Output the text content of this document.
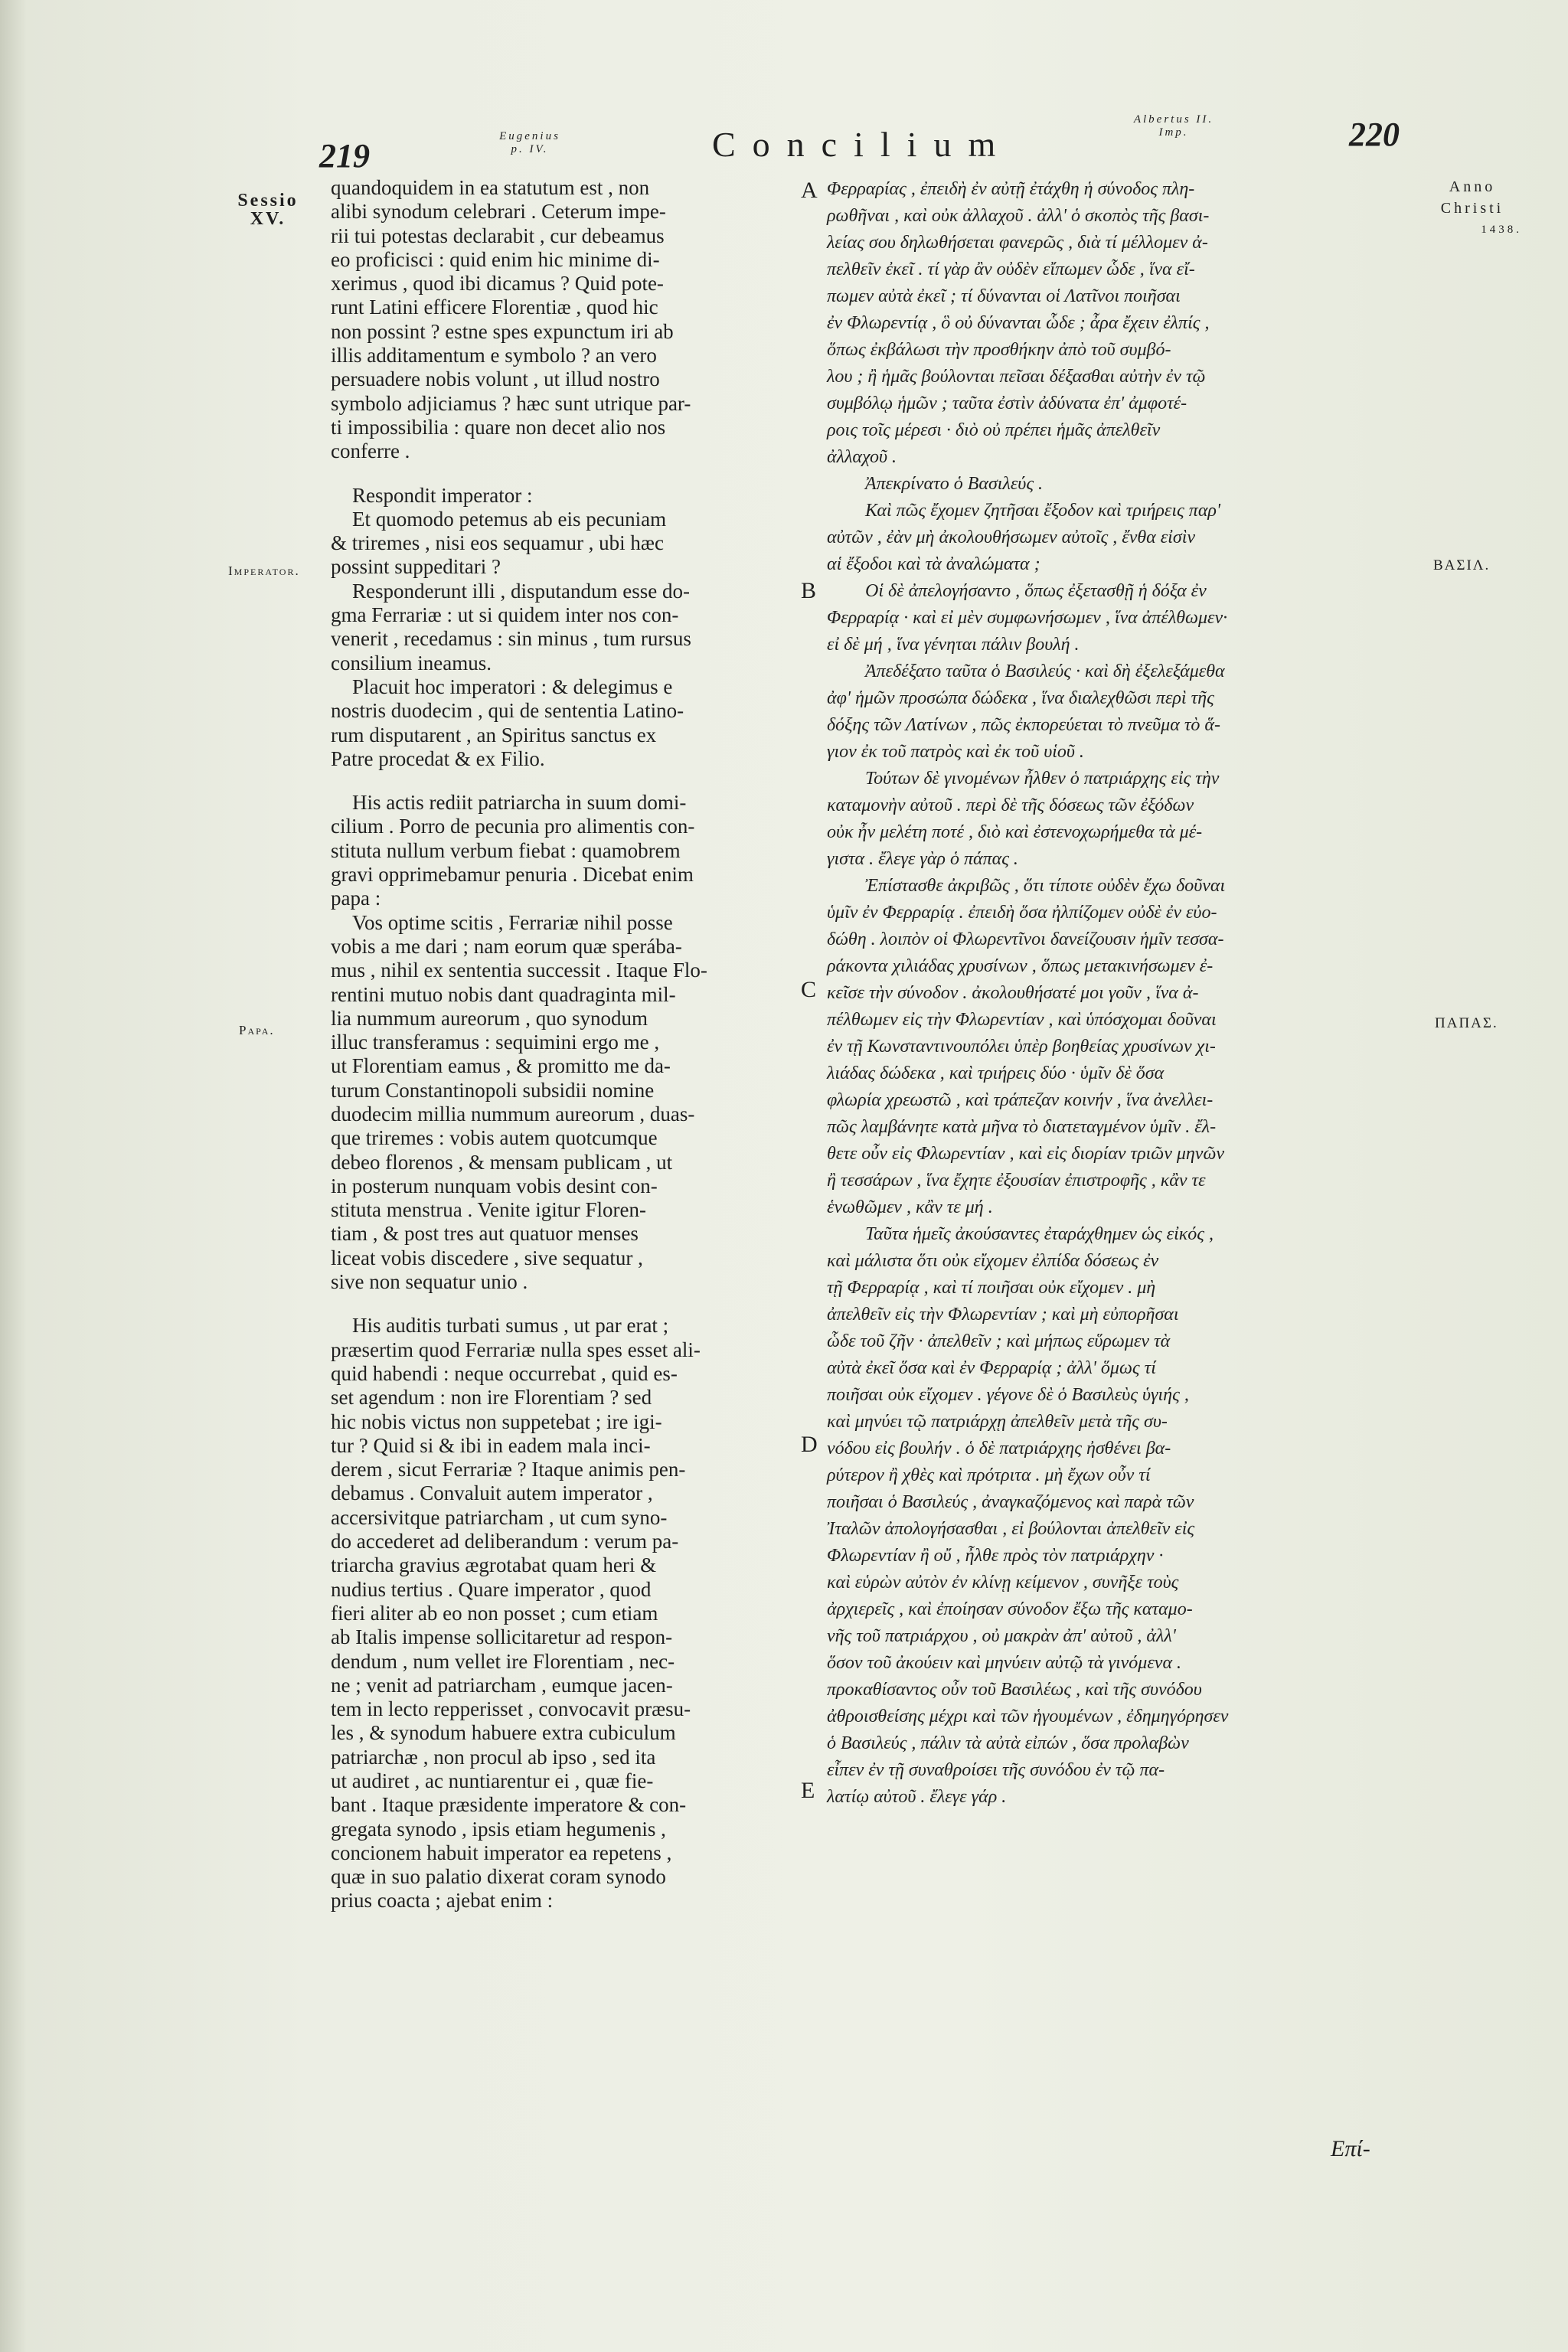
219
Eugenius
p. IV.	Concilium
Albertus II.
Imp.	220
Anno
Christi
1438.
Sessio
XV.
Imperator.
Papa.
ΒΑΣΙΛ.
ΠΑΠΑΣ.
A
B
C
D
E

quandoquidem in ea statutum est , non

alibi synodum celebrari . Ceterum impe-

rii tui potestas declarabit , cur debeamus

eo proficisci : quid enim hic minime di-

xerimus , quod ibi dicamus ? Quid pote-

runt Latini efficere Florentiæ , quod hic

non possint ? estne spes expunctum iri ab

illis additamentum e symbolo ? an vero

persuadere nobis volunt , ut illud nostro

symbolo adjiciamus ? hæc sunt utrique par-

ti impossibilia : quare non decet alio nos

conferre .

Respondit imperator :

Et quomodo petemus ab eis pecuniam

& triremes , nisi eos sequamur , ubi hæc

possint suppeditari ?

Responderunt illi , disputandum esse do-

gma Ferrariæ : ut si quidem inter nos con-

venerit , recedamus : sin minus , tum rursus

consilium ineamus.

Placuit hoc imperatori : & delegimus e

nostris duodecim , qui de sententia Latino-

rum disputarent , an Spiritus sanctus ex

Patre procedat & ex Filio.

His actis rediit patriarcha in suum domi-

cilium . Porro de pecunia pro alimentis con-

stituta nullum verbum fiebat : quamobrem

gravi opprimebamur penuria . Dicebat enim

papa :

Vos optime scitis , Ferrariæ nihil posse

vobis a me dari ; nam eorum quæ sperába-

mus , nihil ex sententia successit . Itaque Flo-

rentini mutuo nobis dant quadraginta mil-

lia nummum aureorum , quo synodum

illuc transferamus : sequimini ergo me ,

ut Florentiam eamus , & promitto me da-

turum Constantinopoli subsidii nomine

duodecim millia nummum aureorum , duas-

que triremes : vobis autem quotcumque

debeo florenos , & mensam publicam , ut

in posterum nunquam vobis desint con-

stituta menstrua . Venite igitur Floren-

tiam , & post tres aut quatuor menses

liceat vobis discedere , sive sequatur ,

sive non sequatur unio .

His auditis turbati sumus , ut par erat ;

præsertim quod Ferrariæ nulla spes esset ali-

quid habendi : neque occurrebat , quid es-

set agendum : non ire Florentiam ? sed

hic nobis victus non suppetebat ; ire igi-

tur ? Quid si & ibi in eadem mala inci-

derem , sicut Ferrariæ ? Itaque animis pen-

debamus . Convaluit autem imperator ,

accersivitque patriarcham , ut cum syno-

do accederet ad deliberandum : verum pa-

triarcha gravius ægrotabat quam heri &

nudius tertius . Quare imperator , quod

fieri aliter ab eo non posset ; cum etiam

ab Italis impense sollicitaretur ad respon-

dendum , num vellet ire Florentiam , nec-

ne ; venit ad patriarcham , eumque jacen-

tem in lecto repperisset , convocavit præsu-

les , & synodum habuere extra cubiculum

patriarchæ , non procul ab ipso , sed ita

ut audiret , ac nuntiarentur ei , quæ fie-

bant . Itaque præsidente imperatore & con-

gregata synodo , ipsis etiam hegumenis ,

concionem habuit imperator ea repetens ,

quæ in suo palatio dixerat coram synodo

prius coacta ; ajebat enim :

Φερραρίας , ἐπειδὴ ἐν αὐτῇ ἐτάχθη ἡ σύνοδος πλη-

ρωθῆναι , καὶ οὐκ ἀλλαχοῦ . ἀλλ' ὁ σκοπὸς τῆς βασι-

λείας σου δηλωθήσεται φανερῶς , διὰ τί μέλλομεν ἀ-

πελθεῖν ἐκεῖ . τί γὰρ ἂν οὐδὲν εἴπωμεν ὧδε , ἵνα εἴ-

πωμεν αὐτὰ ἐκεῖ ; τί δύνανται οἱ Λατῖνοι ποιῆσαι

ἐν Φλωρεντίᾳ , ὃ οὐ δύνανται ὧδε ; ἆρα ἔχειν ἐλπίς ,

ὅπως ἐκβάλωσι τὴν προσθήκην ἀπὸ τοῦ συμβό-

λου ; ἢ ἡμᾶς βούλονται πεῖσαι δέξασθαι αὐτὴν ἐν τῷ

συμβόλῳ ἡμῶν ; ταῦτα ἐστὶν ἀδύνατα ἐπ' ἀμφοτέ-

ροις τοῖς μέρεσι · διὸ οὐ πρέπει ἡμᾶς ἀπελθεῖν

ἀλλαχοῦ .

Ἀπεκρίνατο ὁ Βασιλεύς .

Καὶ πῶς ἔχομεν ζητῆσαι ἔξοδον καὶ τριήρεις παρ'

αὐτῶν , ἐὰν μὴ ἀκολουθήσωμεν αὐτοῖς , ἔνθα εἰσὶν

αἱ ἔξοδοι καὶ τὰ ἀναλώματα ;

Οἱ δὲ ἀπελογήσαντο , ὅπως ἐξετασθῇ ἡ δόξα ἐν

Φερραρίᾳ · καὶ εἰ μὲν συμφωνήσωμεν , ἵνα ἀπέλθωμεν·

εἰ δὲ μή , ἵνα γένηται πάλιν βουλή .

Ἀπεδέξατο ταῦτα ὁ Βασιλεύς · καὶ δὴ ἐξελεξάμεθα

ἀφ' ἡμῶν προσώπα δώδεκα , ἵνα διαλεχθῶσι περὶ τῆς

δόξης τῶν Λατίνων , πῶς ἐκπορεύεται τὸ πνεῦμα τὸ ἅ-

γιον ἐκ τοῦ πατρὸς καὶ ἐκ τοῦ υἱοῦ .

Τούτων δὲ γινομένων ἦλθεν ὁ πατριάρχης εἰς τὴν

καταμονὴν αὐτοῦ . περὶ δὲ τῆς δόσεως τῶν ἐξόδων

οὐκ ἦν μελέτη ποτέ , διὸ καὶ ἐστενοχωρήμεθα τὰ μέ-

γιστα . ἔλεγε γὰρ ὁ πάπας .

Ἐπίστασθε ἀκριβῶς , ὅτι τίποτε οὐδὲν ἔχω δοῦναι

ὑμῖν ἐν Φερραρίᾳ . ἐπειδὴ ὅσα ἠλπίζομεν οὐδὲ ἐν εὐο-

δώθη . λοιπὸν οἱ Φλωρεντῖνοι δανείζουσιν ἡμῖν τεσσα-

ράκοντα χιλιάδας χρυσίνων , ὅπως μετακινήσωμεν ἐ-

κεῖσε τὴν σύνοδον . ἀκολουθήσατέ μοι γοῦν , ἵνα ἀ-

πέλθωμεν εἰς τὴν Φλωρεντίαν , καὶ ὑπόσχομαι δοῦναι

ἐν τῇ Κωνσταντινουπόλει ὑπὲρ βοηθείας χρυσίνων χι-

λιάδας δώδεκα , καὶ τριήρεις δύο · ὑμῖν δὲ ὅσα

φλωρία χρεωστῶ , καὶ τράπεζαν κοινήν , ἵνα ἀνελλει-

πῶς λαμβάνητε κατὰ μῆνα τὸ διατεταγμένον ὑμῖν . ἔλ-

θετε οὖν εἰς Φλωρεντίαν , καὶ εἰς διορίαν τριῶν μηνῶν

ἢ τεσσάρων , ἵνα ἔχητε ἐξουσίαν ἐπιστροφῆς , κἂν τε

ἑνωθῶμεν , κἂν τε μή .

Ταῦτα ἡμεῖς ἀκούσαντες ἐταράχθημεν ὡς εἰκός ,

καὶ μάλιστα ὅτι οὐκ εἴχομεν ἐλπίδα δόσεως ἐν

τῇ Φερραρίᾳ , καὶ τί ποιῆσαι οὐκ εἴχομεν . μὴ

ἀπελθεῖν εἰς τὴν Φλωρεντίαν ; καὶ μὴ εὐπορῆσαι

ὧδε τοῦ ζῆν · ἀπελθεῖν ; καὶ μήπως εὕρωμεν τὰ

αὐτὰ ἐκεῖ ὅσα καὶ ἐν Φερραρίᾳ ; ἀλλ' ὅμως τί

ποιῆσαι οὐκ εἴχομεν . γέγονε δὲ ὁ Βασιλεὺς ὑγιής ,

καὶ μηνύει τῷ πατριάρχῃ ἀπελθεῖν μετὰ τῆς συ-

νόδου εἰς βουλήν . ὁ δὲ πατριάρχης ἠσθένει βα-

ρύτερον ἢ χθὲς καὶ πρότριτα . μὴ ἔχων οὖν τί

ποιῆσαι ὁ Βασιλεύς , ἀναγκαζόμενος καὶ παρὰ τῶν

Ἰταλῶν ἀπολογήσασθαι , εἰ βούλονται ἀπελθεῖν εἰς

Φλωρεντίαν ἢ οὔ , ἦλθε πρὸς τὸν πατριάρχην ·

καὶ εὑρὼν αὐτὸν ἐν κλίνῃ κείμενον , συνῆξε τοὺς

ἀρχιερεῖς , καὶ ἐποίησαν σύνοδον ἔξω τῆς καταμο-

νῆς τοῦ πατριάρχου , οὐ μακρὰν ἀπ' αὐτοῦ , ἀλλ'

ὅσον τοῦ ἀκούειν καὶ μηνύειν αὐτῷ τὰ γινόμενα .

προκαθίσαντος οὖν τοῦ Βασιλέως , καὶ τῆς συνόδου

ἀθροισθείσης μέχρι καὶ τῶν ἡγουμένων , ἐδημηγόρησεν

ὁ Βασιλεύς , πάλιν τὰ αὐτὰ εἰπών , ὅσα προλαβὼν

εἶπεν ἐν τῇ συναθροίσει τῆς συνόδου ἐν τῷ πα-

λατίῳ αὐτοῦ . ἔλεγε γάρ .

Επί-
